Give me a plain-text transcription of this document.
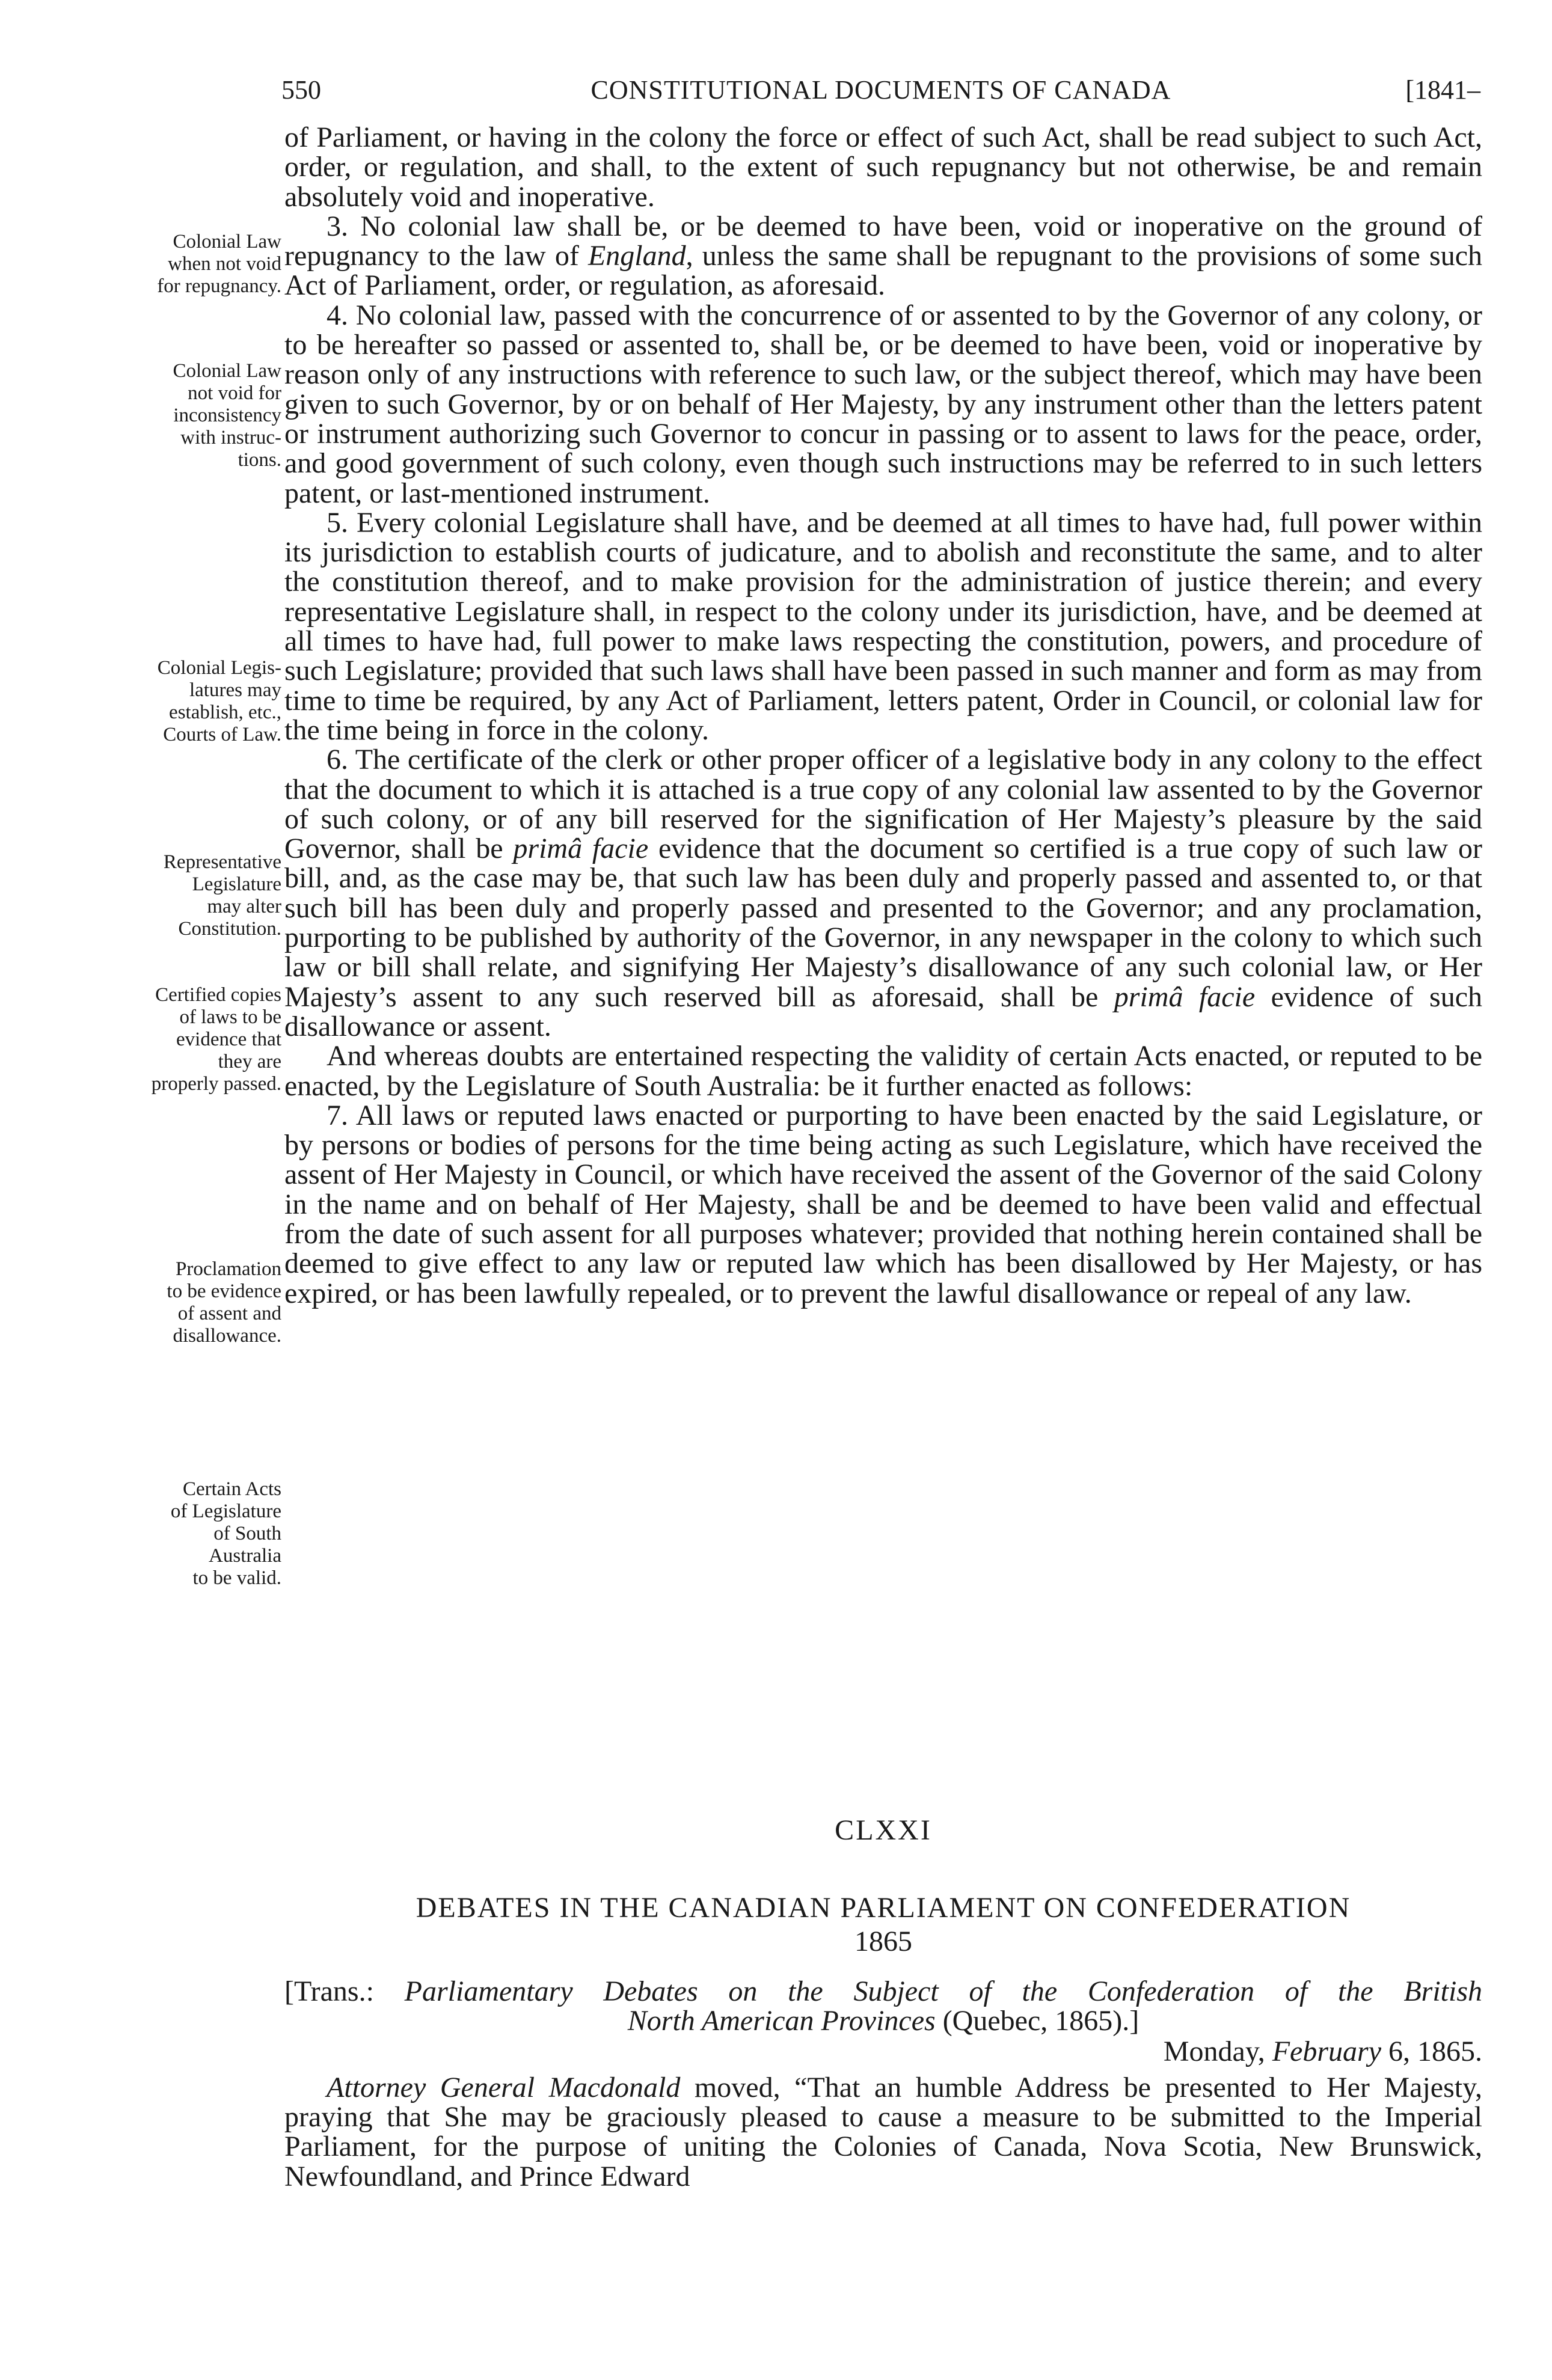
550	CONSTITUTIONAL DOCUMENTS OF CANADA	[1841–
Colonial Law
when not void
for repugnancy.
Colonial Law
not void for
inconsistency
with instruc-
tions.
Colonial Legis-
latures may
establish, etc.,
Courts of Law.
Representative
Legislature
may alter
Constitution.
Certified copies
of laws to be
evidence that
they are
properly passed.
Proclamation
to be evidence
of assent and
disallowance.
Certain Acts
of Legislature
of South
Australia
to be valid.

of Parliament, or having in the colony the force or effect of such Act, shall be read subject to such Act, order, or regulation, and shall, to the extent of such repugnancy but not otherwise, be and remain absolutely void and inoperative.

3. No colonial law shall be, or be deemed to have been, void or inoperative on the ground of repugnancy to the law of England, unless the same shall be repugnant to the provisions of some such Act of Parliament, order, or regulation, as aforesaid.

4. No colonial law, passed with the concurrence of or assented to by the Governor of any colony, or to be hereafter so passed or assented to, shall be, or be deemed to have been, void or inoperative by reason only of any instructions with reference to such law, or the subject thereof, which may have been given to such Governor, by or on behalf of Her Majesty, by any instrument other than the letters patent or instrument authorizing such Governor to concur in passing or to assent to laws for the peace, order, and good government of such colony, even though such instructions may be referred to in such letters patent, or last-mentioned instrument.

5. Every colonial Legislature shall have, and be deemed at all times to have had, full power within its jurisdiction to establish courts of judicature, and to abolish and reconstitute the same, and to alter the constitution thereof, and to make provision for the administration of justice therein; and every representative Legislature shall, in respect to the colony under its jurisdiction, have, and be deemed at all times to have had, full power to make laws respecting the constitution, powers, and procedure of such Legislature; provided that such laws shall have been passed in such manner and form as may from time to time be required, by any Act of Parliament, letters patent, Order in Council, or colonial law for the time being in force in the colony.

6. The certificate of the clerk or other proper officer of a legislative body in any colony to the effect that the document to which it is attached is a true copy of any colonial law assented to by the Governor of such colony, or of any bill reserved for the signification of Her Majesty’s pleasure by the said Governor, shall be primâ facie evidence that the document so certified is a true copy of such law or bill, and, as the case may be, that such law has been duly and properly passed and assented to, or that such bill has been duly and properly passed and presented to the Governor; and any proclamation, purporting to be published by authority of the Governor, in any newspaper in the colony to which such law or bill shall relate, and signifying Her Majesty’s disallowance of any such colonial law, or Her Majesty’s assent to any such reserved bill as aforesaid, shall be primâ facie evidence of such disallowance or assent.

And whereas doubts are entertained respecting the validity of certain Acts enacted, or reputed to be enacted, by the Legislature of South Australia: be it further enacted as follows:

7. All laws or reputed laws enacted or purporting to have been enacted by the said Legislature, or by persons or bodies of persons for the time being acting as such Legislature, which have received the assent of Her Majesty in Council, or which have received the assent of the Governor of the said Colony in the name and on behalf of Her Majesty, shall be and be deemed to have been valid and effectual from the date of such assent for all purposes whatever; provided that nothing herein contained shall be deemed to give effect to any law or reputed law which has been disallowed by Her Majesty, or has expired, or has been lawfully repealed, or to prevent the lawful disallowance or repeal of any law.

CLXXI
DEBATES IN THE CANADIAN PARLIAMENT ON CONFEDERATION
1865
[Trans.: Parliamentary Debates on the Subject of the Confederation of the British
North American Provinces (Quebec, 1865).]
Monday, February 6, 1865.

Attorney General Macdonald moved, “That an humble Address be presented to Her Majesty, praying that She may be graciously pleased to cause a measure to be submitted to the Imperial Parliament, for the purpose of uniting the Colonies of Canada, Nova Scotia, New Brunswick, Newfoundland, and Prince Edward
